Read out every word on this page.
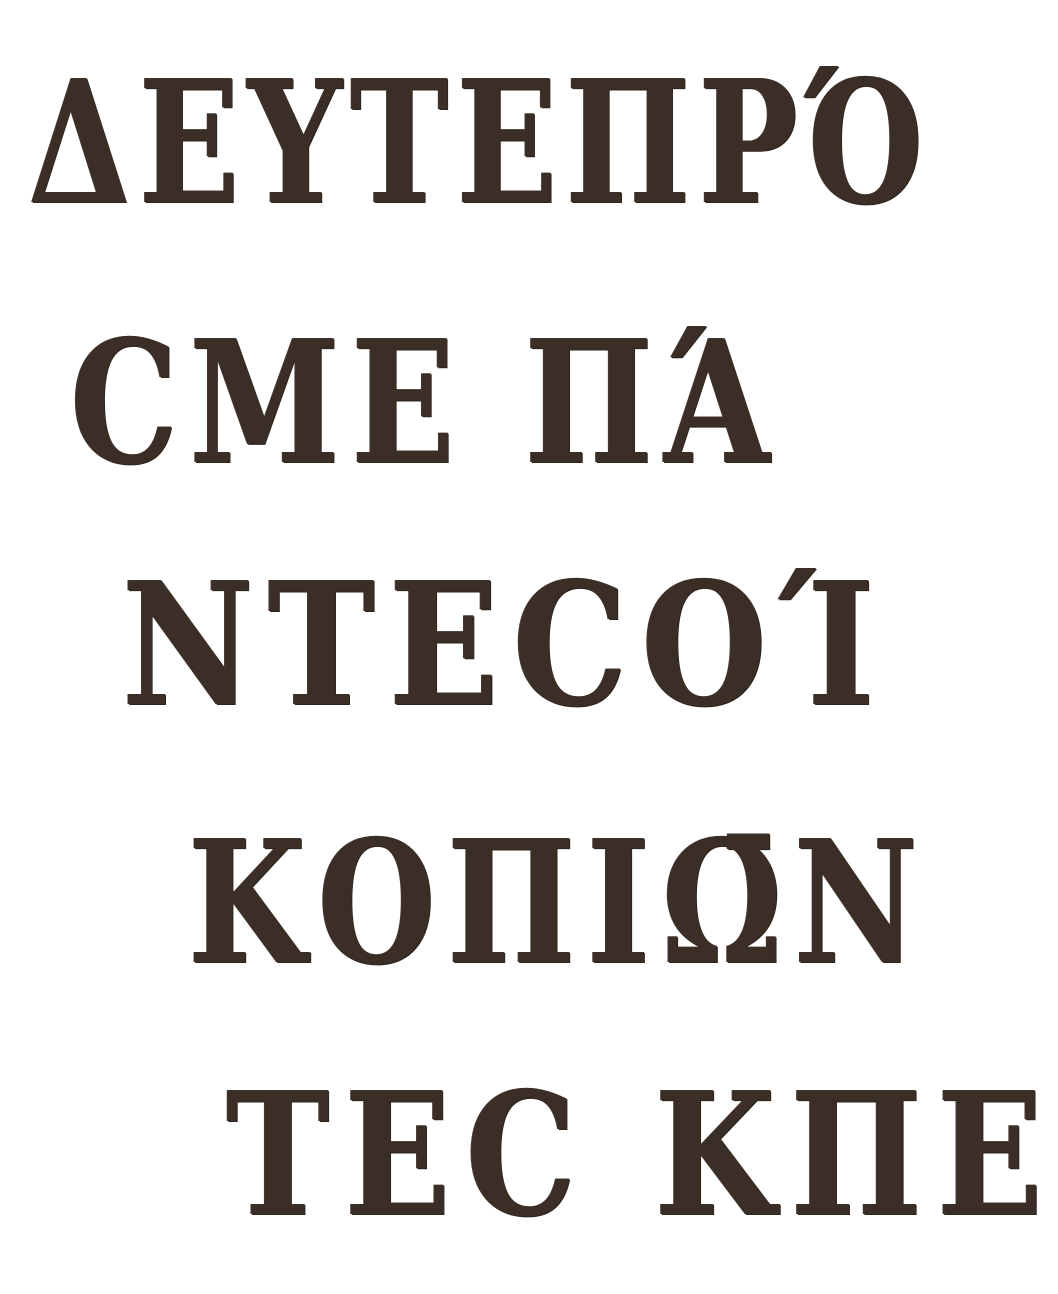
ΔΕΥΤΕΠΡΌ
ϹΜΕ ΠΆ
ΝΤΕϹΟΊ
ΚΟΠΙΩ̄Ν
ΤΕϹ ΚΠΕ
